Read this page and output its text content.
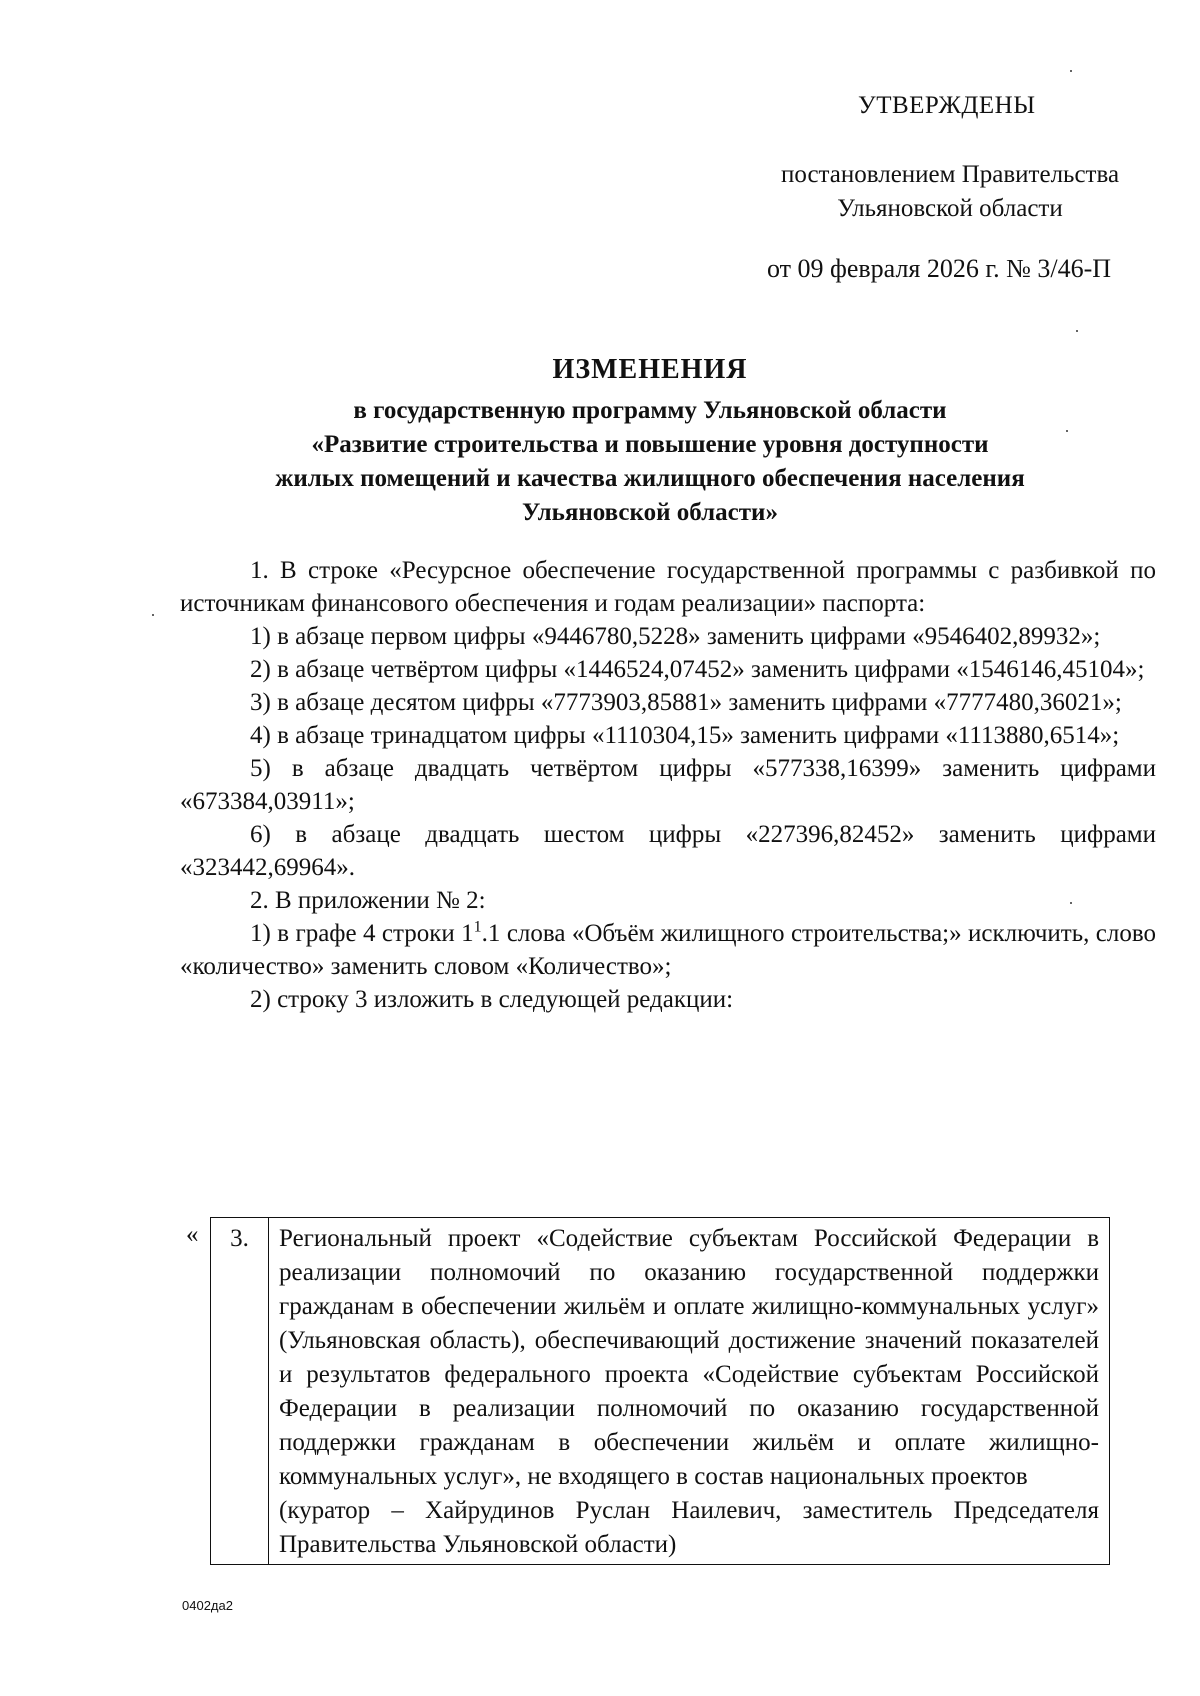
УТВЕРЖДЕНЫ
постановлением Правительства
Ульяновской области
от 09 февраля 2026 г. № 3/46-П
ИЗМЕНЕНИЯ
в государственную программу Ульяновской области
«Развитие строительства и повышение уровня доступности
жилых помещений и качества жилищного обеспечения населения
Ульяновской области»

1. В строке «Ресурсное обеспечение государственной программы с разбивкой по источникам финансового обеспечения и годам реализации» паспорта:

1) в абзаце первом цифры «9446780,5228» заменить цифрами «9546402,89932»;

2) в абзаце четвёртом цифры «1446524,07452» заменить цифрами «1546146,45104»;

3) в абзаце десятом цифры «7773903,85881» заменить цифрами «7777480,36021»;

4) в абзаце тринадцатом цифры «1110304,15» заменить цифрами «1113880,6514»;

5) в абзаце двадцать четвёртом цифры «577338,16399» заменить цифрами «673384,03911»;

6) в абзаце двадцать шестом цифры «227396,82452» заменить цифрами «323442,69964».

2. В приложении № 2:

1) в графе 4 строки $1^1.1$ слова «Объём жилищного строительства;» исключить, слово «количество» заменить словом «Количество»;

2) строку 3 изложить в следующей редакции:

« 3.	Региональный проект «Содействие субъектам Российской Федерации в реализации полномочий по оказанию государственной поддержки гражданам в обеспечении жильём и оплате жилищно-коммунальных услуг» (Ульяновская область), обеспечивающий достижение значений показателей и результатов федерального проекта «Содействие субъектам Российской Федерации в реализации полномочий по оказанию государственной поддержки гражданам в обеспечении жильём и оплате жилищно-коммунальных услуг», не входящего в состав национальных проектов
(куратор – Хайрудинов Руслан Наилевич, заместитель Председателя Правительства Ульяновской области)
0402да2
